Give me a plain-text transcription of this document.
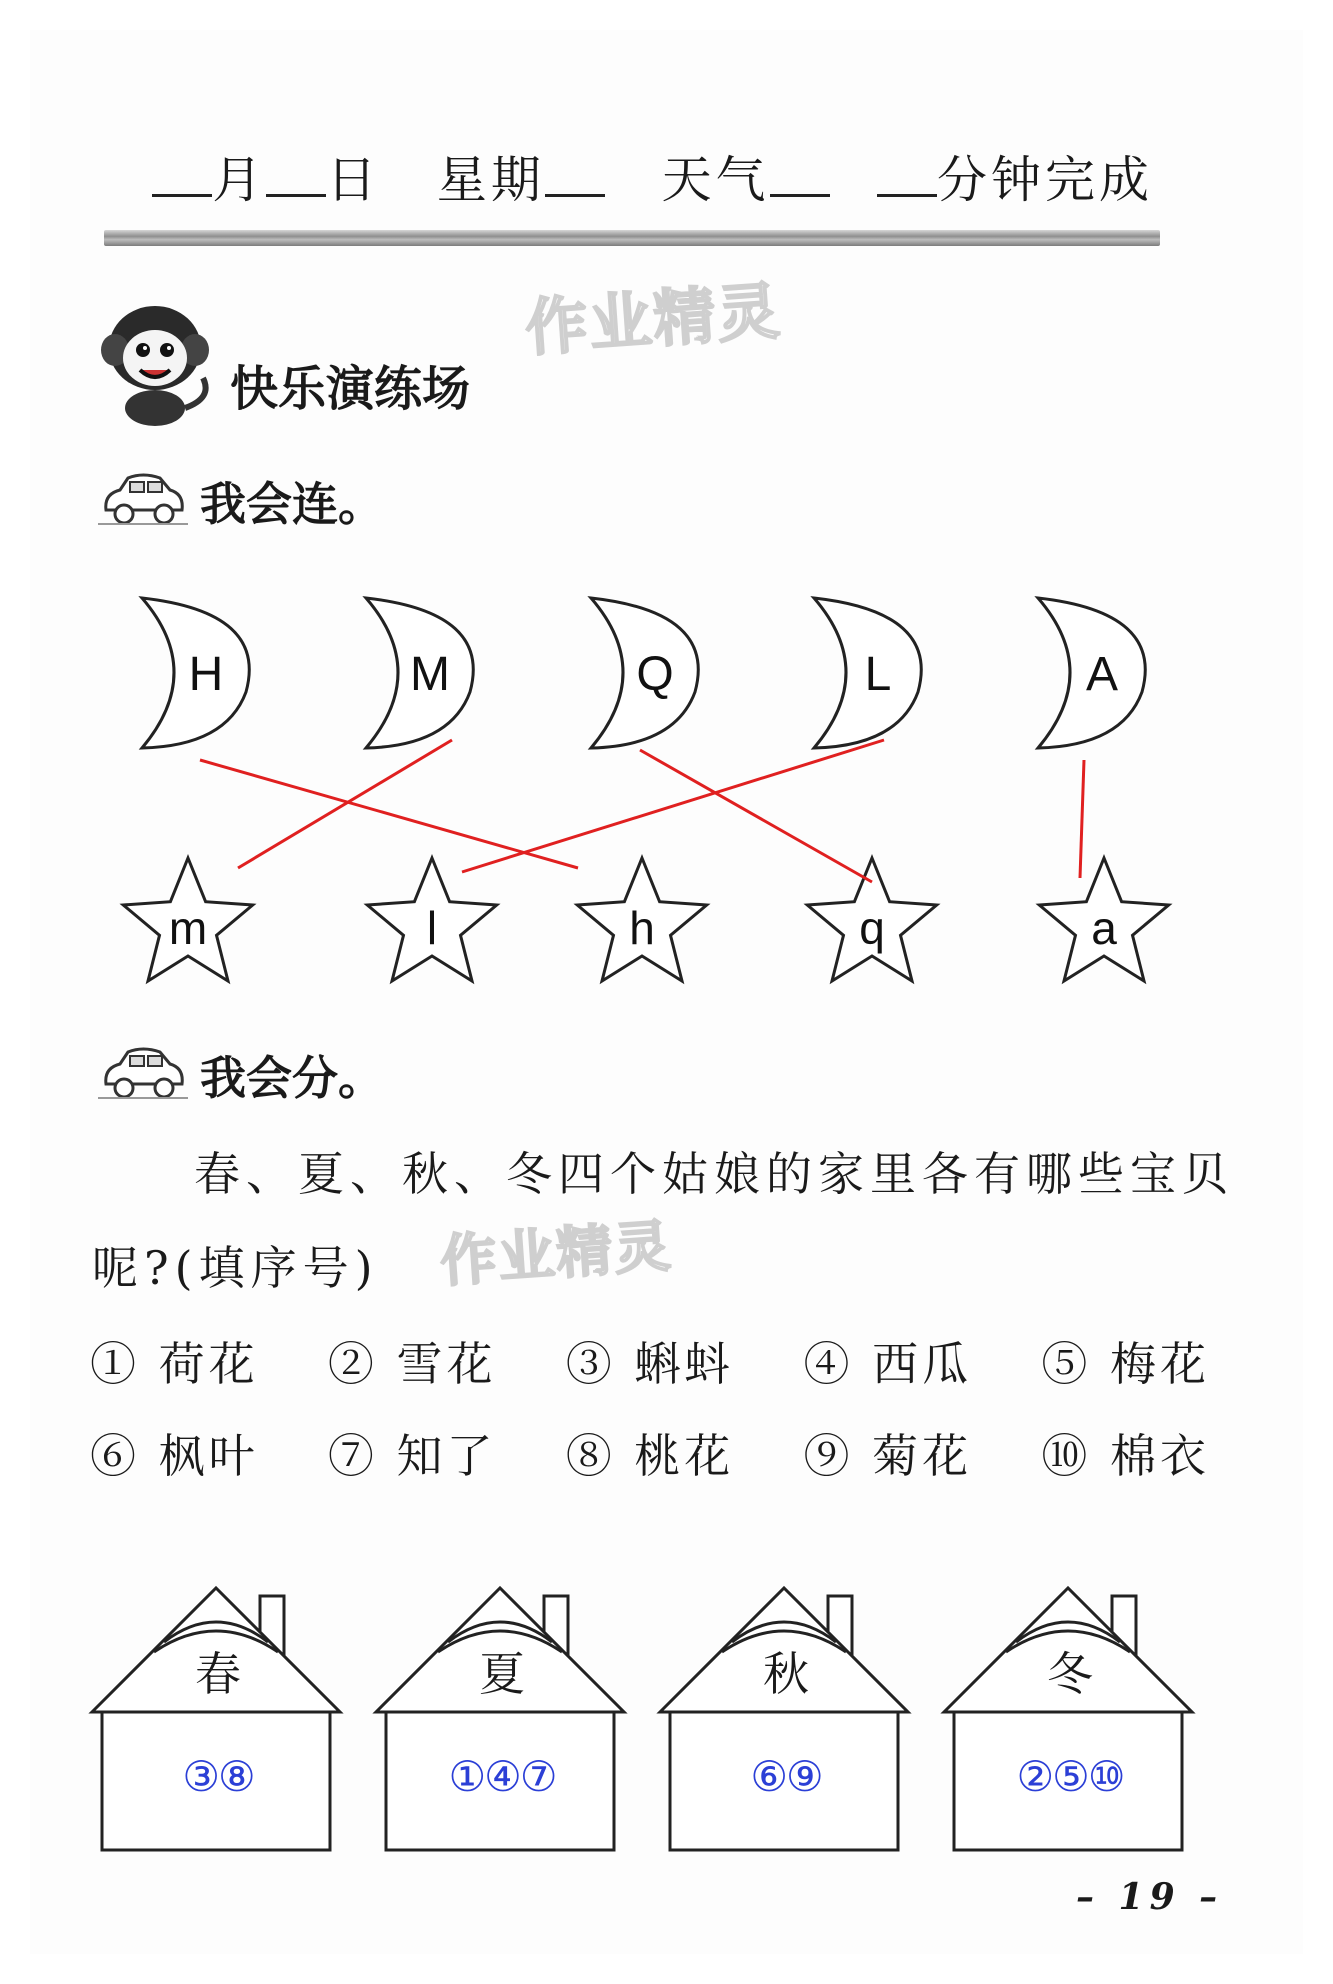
月 日 星期 天气	分钟完成
作业精灵
作业精灵
快乐演练场
我会连。
H	M	Q	L	A
m	l	h	q	a
我会分。
春、夏、秋、冬四个姑娘的家里各有哪些宝贝
呢?(填序号)
① 荷花 ② 雪花 ③ 蝌蚪 ④ 西瓜 ⑤ 梅花
⑥ 枫叶 ⑦ 知了 ⑧ 桃花 ⑨ 菊花 ⑩ 棉衣
春	夏	秋	冬
③⑧	①④⑦	⑥⑨	②⑤⑩
– 19 –
